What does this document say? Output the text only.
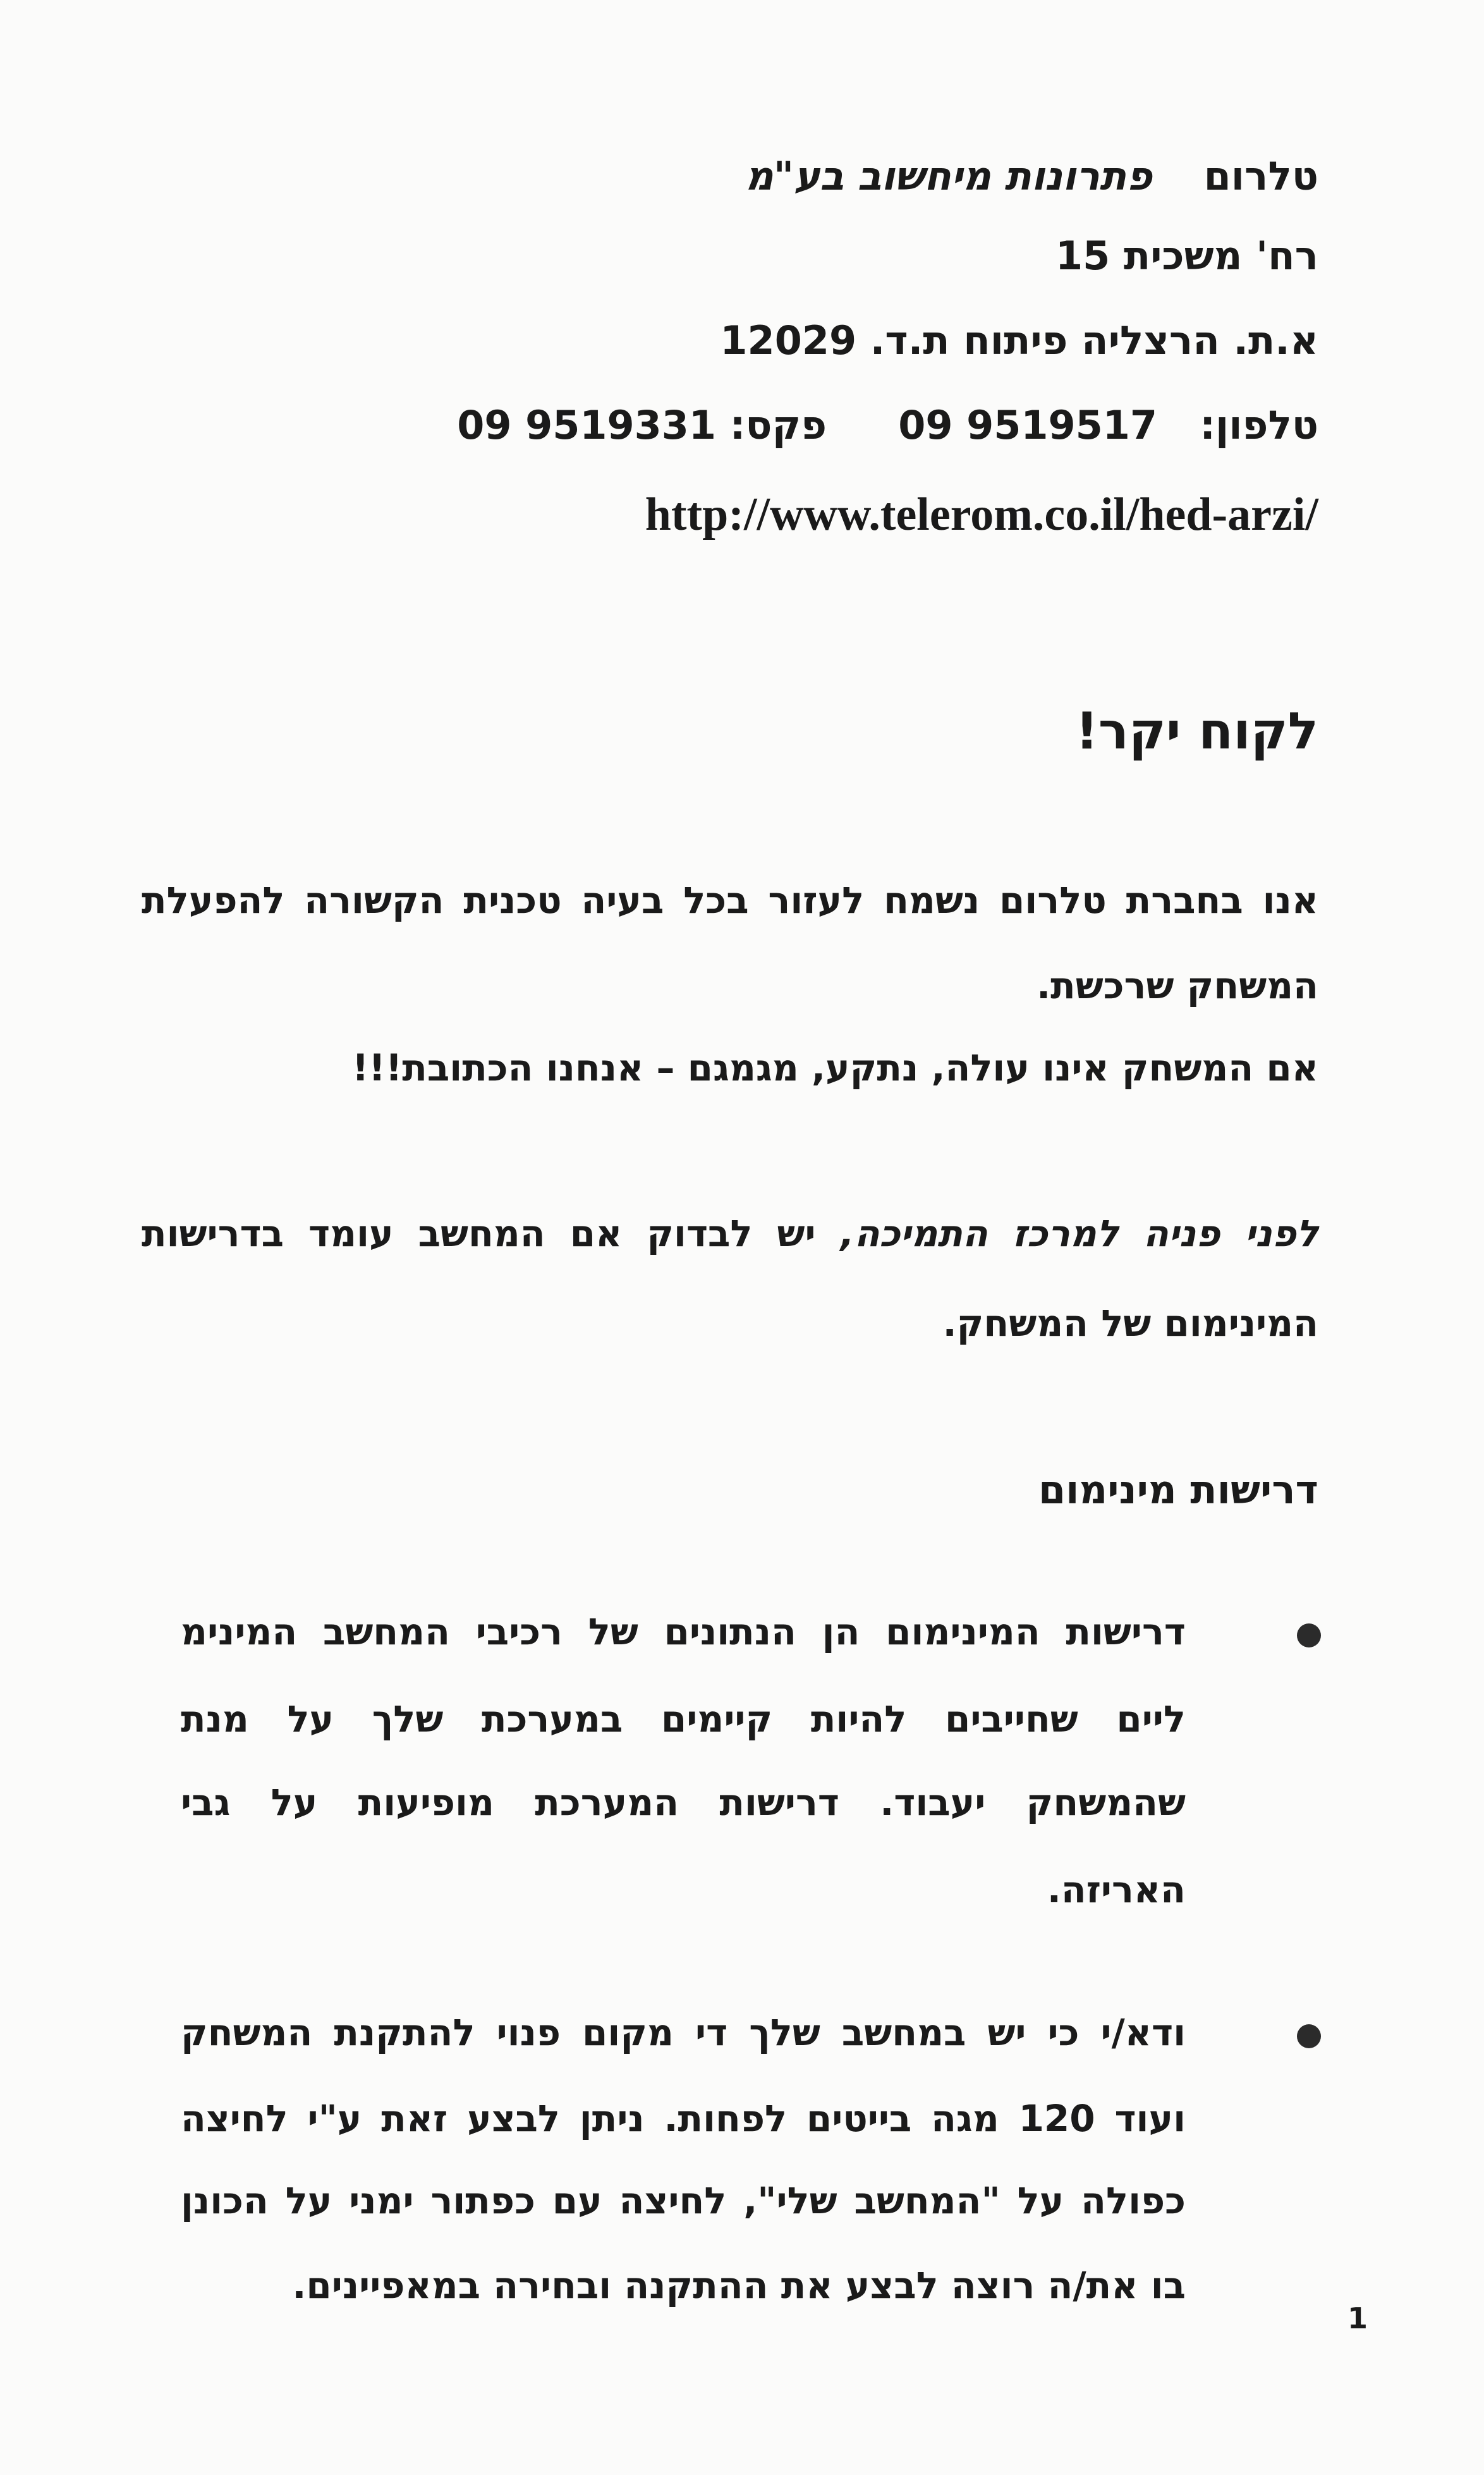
טלרום פתרונות מיחשוב בע"מ
רח' משכית 15
א.ת. הרצליה פיתוח ת.ד. 12029
טלפון:  09 9519517  פקס: 09 9519331
http://www.telerom.co.il/hed-arzi/
לקוח יקר!
אנו בחברת טלרום נשמח לעזור בכל בעיה טכנית הקשורה להפעלת
המשחק שרכשת.
אם המשחק אינו עולה, נתקע, מגמגם – אנחנו הכתובת!!!
לפני פניה למרכז התמיכה, יש לבדוק אם המחשב עומד בדרישות
המינימום של המשחק.
דרישות מינימום
דרישות המינימום הן הנתונים של רכיבי המחשב המינימ
ליים שחייבים להיות קיימים במערכת שלך על מנת
שהמשחק יעבוד. דרישות המערכת מופיעות על גבי
האריזה.
ודא/י כי יש במחשב שלך די מקום פנוי להתקנת המשחק
ועוד 120 מגה בייטים לפחות. ניתן לבצע זאת ע"י לחיצה
כפולה על "המחשב שלי", לחיצה עם כפתור ימני על הכונן
בו את/ה רוצה לבצע את ההתקנה ובחירה במאפיינים.
1
